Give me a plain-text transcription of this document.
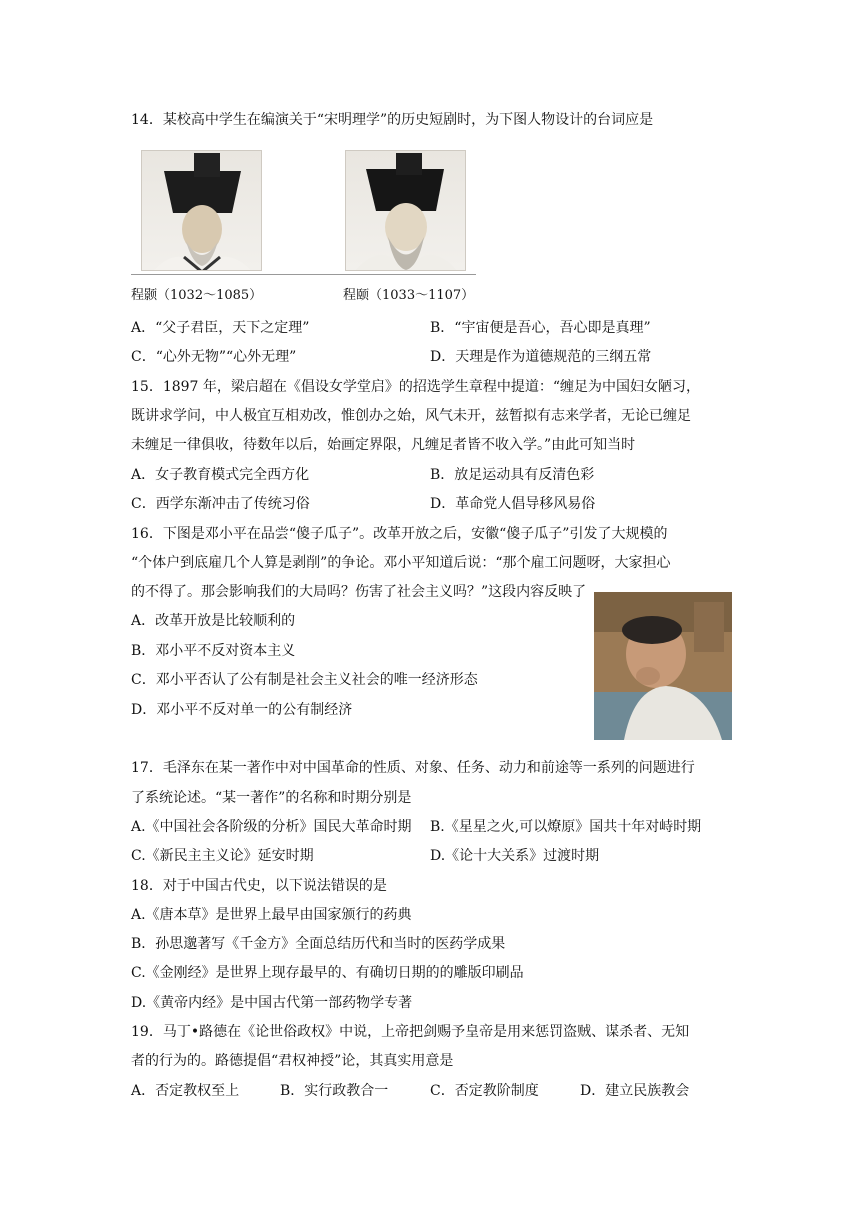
14．某校高中学生在编演关于“宋明理学”的历史短剧时，为下图人物设计的台词应是
程颢（1032～1085）	程颐（1033～1107）
A．“父子君臣，天下之定理”	B．“宇宙便是吾心，吾心即是真理”
C．“心外无物”“心外无理”	D．天理是作为道德规范的三纲五常
15．1897 年，梁启超在《倡设女学堂启》的招选学生章程中提道：“缠足为中国妇女陋习，
既讲求学问，中人极宜互相劝改，惟创办之始，风气未开，兹暂拟有志来学者，无论已缠足
未缠足一律俱收，待数年以后，始画定界限，凡缠足者皆不收入学。”由此可知当时
A．女子教育模式完全西方化	B．放足运动具有反清色彩
C．西学东渐冲击了传统习俗	D．革命党人倡导移风易俗
16．下图是邓小平在品尝“傻子瓜子”。改革开放之后，安徽“傻子瓜子”引发了大规模的
“个体户到底雇几个人算是剥削”的争论。邓小平知道后说：“那个雇工问题呀，大家担心
的不得了。那会影响我们的大局吗？伤害了社会主义吗？”这段内容反映了
A．改革开放是比较顺利的
B．邓小平不反对资本主义
C．邓小平否认了公有制是社会主义社会的唯一经济形态
D．邓小平不反对单一的公有制经济
17．毛泽东在某一著作中对中国革命的性质、对象、任务、动力和前途等一系列的问题进行
了系统论述。“某一著作”的名称和时期分别是
A.《中国社会各阶级的分析》国民大革命时期 B.《星星之火,可以燎原》国共十年对峙时期
C.《新民主主义论》延安时期	D.《论十大关系》过渡时期
18．对于中国古代史，以下说法错误的是
A.《唐本草》是世界上最早由国家颁行的药典
B．孙思邈著写《千金方》全面总结历代和当时的医药学成果
C.《金刚经》是世界上现存最早的、有确切日期的的雕版印刷品
D.《黄帝内经》是中国古代第一部药物学专著
19．马丁•路德在《论世俗政权》中说，上帝把剑赐予皇帝是用来惩罚盗贼、谋杀者、无知
者的行为的。路德提倡“君权神授”论，其真实用意是
A．否定教权至上	B．实行政教合一	C．否定教阶制度	D．建立民族教会
